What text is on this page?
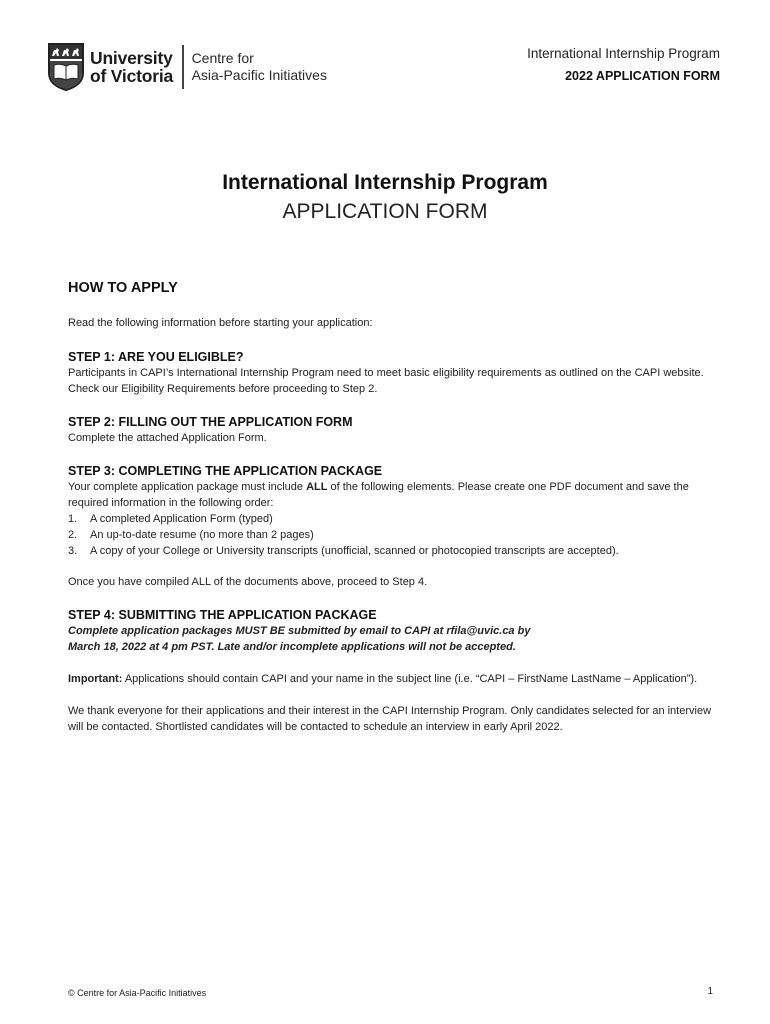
University
of Victoria
Centre for
Asia-Pacific Initiatives
International Internship Program
2022 APPLICATION FORM
International Internship Program
APPLICATION FORM
HOW TO APPLY

Read the following information before starting your application:

STEP 1: ARE YOU ELIGIBLE?

Participants in CAPI’s International Internship Program need to meet basic eligibility requirements as outlined on the CAPI website. Check our Eligibility Requirements before proceeding to Step 2.

STEP 2: FILLING OUT THE APPLICATION FORM

Complete the attached Application Form.

STEP 3: COMPLETING THE APPLICATION PACKAGE

Your complete application package must include ALL of the following elements. Please create one PDF document and save the required information in the following order:

1.	A completed Application Form (typed)
2.	An up-to-date resume (no more than 2 pages)
3.	A copy of your College or University transcripts (unofficial, scanned or photocopied transcripts are accepted).

Once you have compiled ALL of the documents above, proceed to Step 4.

STEP 4: SUBMITTING THE APPLICATION PACKAGE

Complete application packages MUST BE submitted by email to CAPI at rfila@uvic.ca by

March 18, 2022 at 4 pm PST. Late and/or incomplete applications will not be accepted.

Important: Applications should contain CAPI and your name in the subject line (i.e. “CAPI – FirstName LastName – Application”).

We thank everyone for their applications and their interest in the CAPI Internship Program. Only candidates selected for an interview will be contacted. Shortlisted candidates will be contacted to schedule an interview in early April 2022.

© Centre for Asia-Pacific Initiatives	1
